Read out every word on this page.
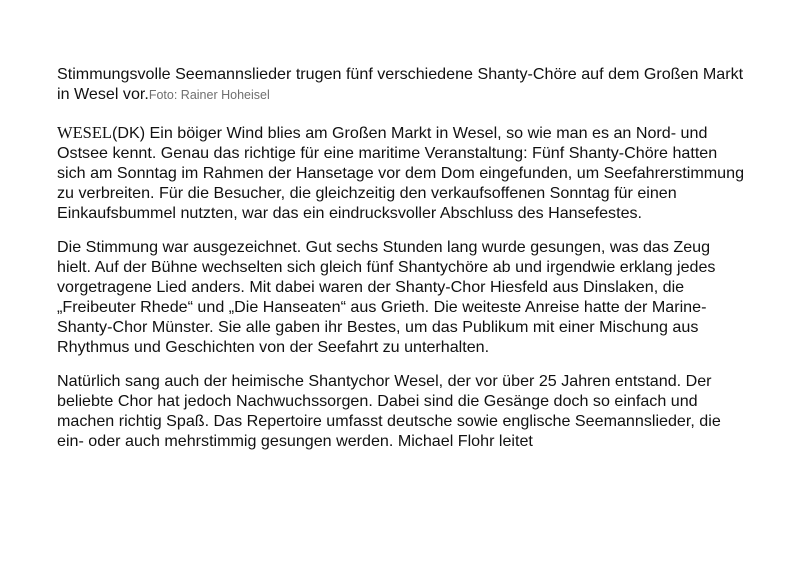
Stimmungsvolle Seemannslieder trugen fünf verschiedene Shanty-Chöre auf dem Großen Markt in Wesel vor.Foto: Rainer Hoheisel

WESEL(DK) Ein böiger Wind blies am Großen Markt in Wesel, so wie man es an Nord- und Ostsee kennt. Genau das richtige für eine maritime Veranstaltung: Fünf Shanty-Chöre hatten sich am Sonntag im Rahmen der Hansetage vor dem Dom eingefunden, um Seefahrerstimmung zu verbreiten. Für die Besucher, die gleichzeitig den verkaufsoffenen Sonntag für einen Einkaufsbummel nutzten, war das ein eindrucksvoller Abschluss des Hansefestes.

Die Stimmung war ausgezeichnet. Gut sechs Stunden lang wurde gesungen, was das Zeug hielt. Auf der Bühne wechselten sich gleich fünf Shantychöre ab und irgendwie erklang jedes vorgetragene Lied anders. Mit dabei waren der Shanty-Chor Hiesfeld aus Dinslaken, die „Freibeuter Rhede“ und „Die Hanseaten“ aus Grieth. Die weiteste Anreise hatte der Marine-Shanty-Chor Münster. Sie alle gaben ihr Bestes, um das Publikum mit einer Mischung aus Rhythmus und Geschichten von der Seefahrt zu unterhalten.

Natürlich sang auch der heimische Shantychor Wesel, der vor über 25 Jahren entstand. Der beliebte Chor hat jedoch Nachwuchssorgen. Dabei sind die Gesänge doch so einfach und machen richtig Spaß. Das Repertoire umfasst deutsche sowie englische Seemannslieder, die ein- oder auch mehrstimmig gesungen werden. Michael Flohr leitet
